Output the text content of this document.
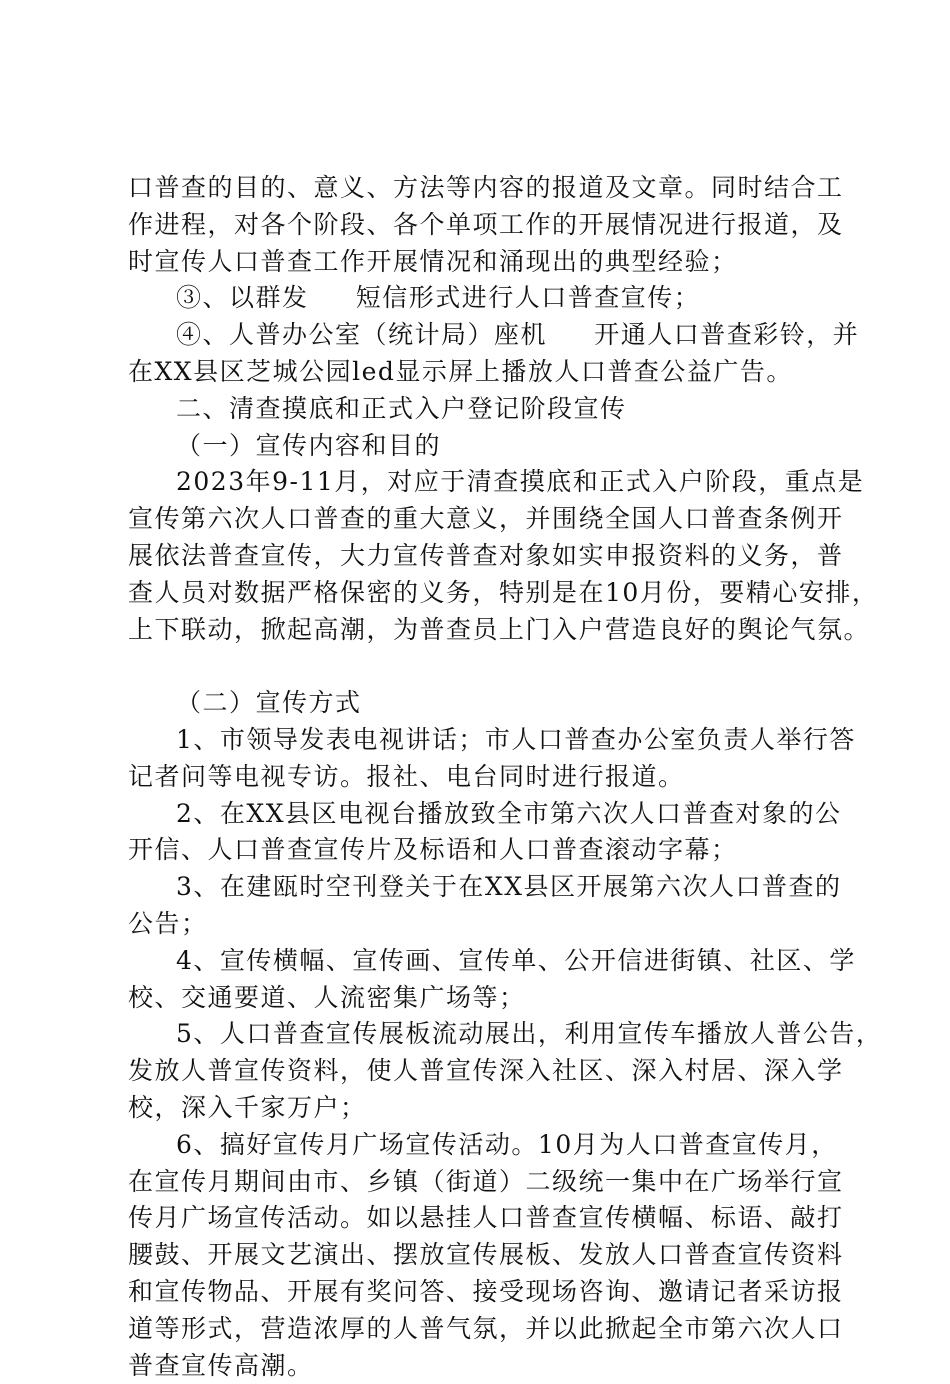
口普查的目的、意义、方法等内容的报道及文章。同时结合工
作进程，对各个阶段、各个单项工作的开展情况进行报道，及
时宣传人口普查工作开展情况和涌现出的典型经验；
③、以群发     短信形式进行人口普查宣传；
④、人普办公室（统计局）座机     开通人口普查彩铃，并
在XX县区芝城公园led显示屏上播放人口普查公益广告。
二、清查摸底和正式入户登记阶段宣传
（一）宣传内容和目的
2023年9-11月，对应于清查摸底和正式入户阶段，重点是
宣传第六次人口普查的重大意义，并围绕全国人口普查条例开
展依法普查宣传，大力宣传普查对象如实申报资料的义务，普
查人员对数据严格保密的义务，特别是在10月份，要精心安排，
上下联动，掀起高潮，为普查员上门入户营造良好的舆论气氛。
（二）宣传方式
1、市领导发表电视讲话；市人口普查办公室负责人举行答
记者问等电视专访。报社、电台同时进行报道。
2、在XX县区电视台播放致全市第六次人口普查对象的公
开信、人口普查宣传片及标语和人口普查滚动字幕；
3、在建瓯时空刊登关于在XX县区开展第六次人口普查的
公告；
4、宣传横幅、宣传画、宣传单、公开信进街镇、社区、学
校、交通要道、人流密集广场等；
5、人口普查宣传展板流动展出，利用宣传车播放人普公告，
发放人普宣传资料，使人普宣传深入社区、深入村居、深入学
校，深入千家万户；
6、搞好宣传月广场宣传活动。10月为人口普查宣传月，
在宣传月期间由市、乡镇（街道）二级统一集中在广场举行宣
传月广场宣传活动。如以悬挂人口普查宣传横幅、标语、敲打
腰鼓、开展文艺演出、摆放宣传展板、发放人口普查宣传资料
和宣传物品、开展有奖问答、接受现场咨询、邀请记者采访报
道等形式，营造浓厚的人普气氛，并以此掀起全市第六次人口
普查宣传高潮。
